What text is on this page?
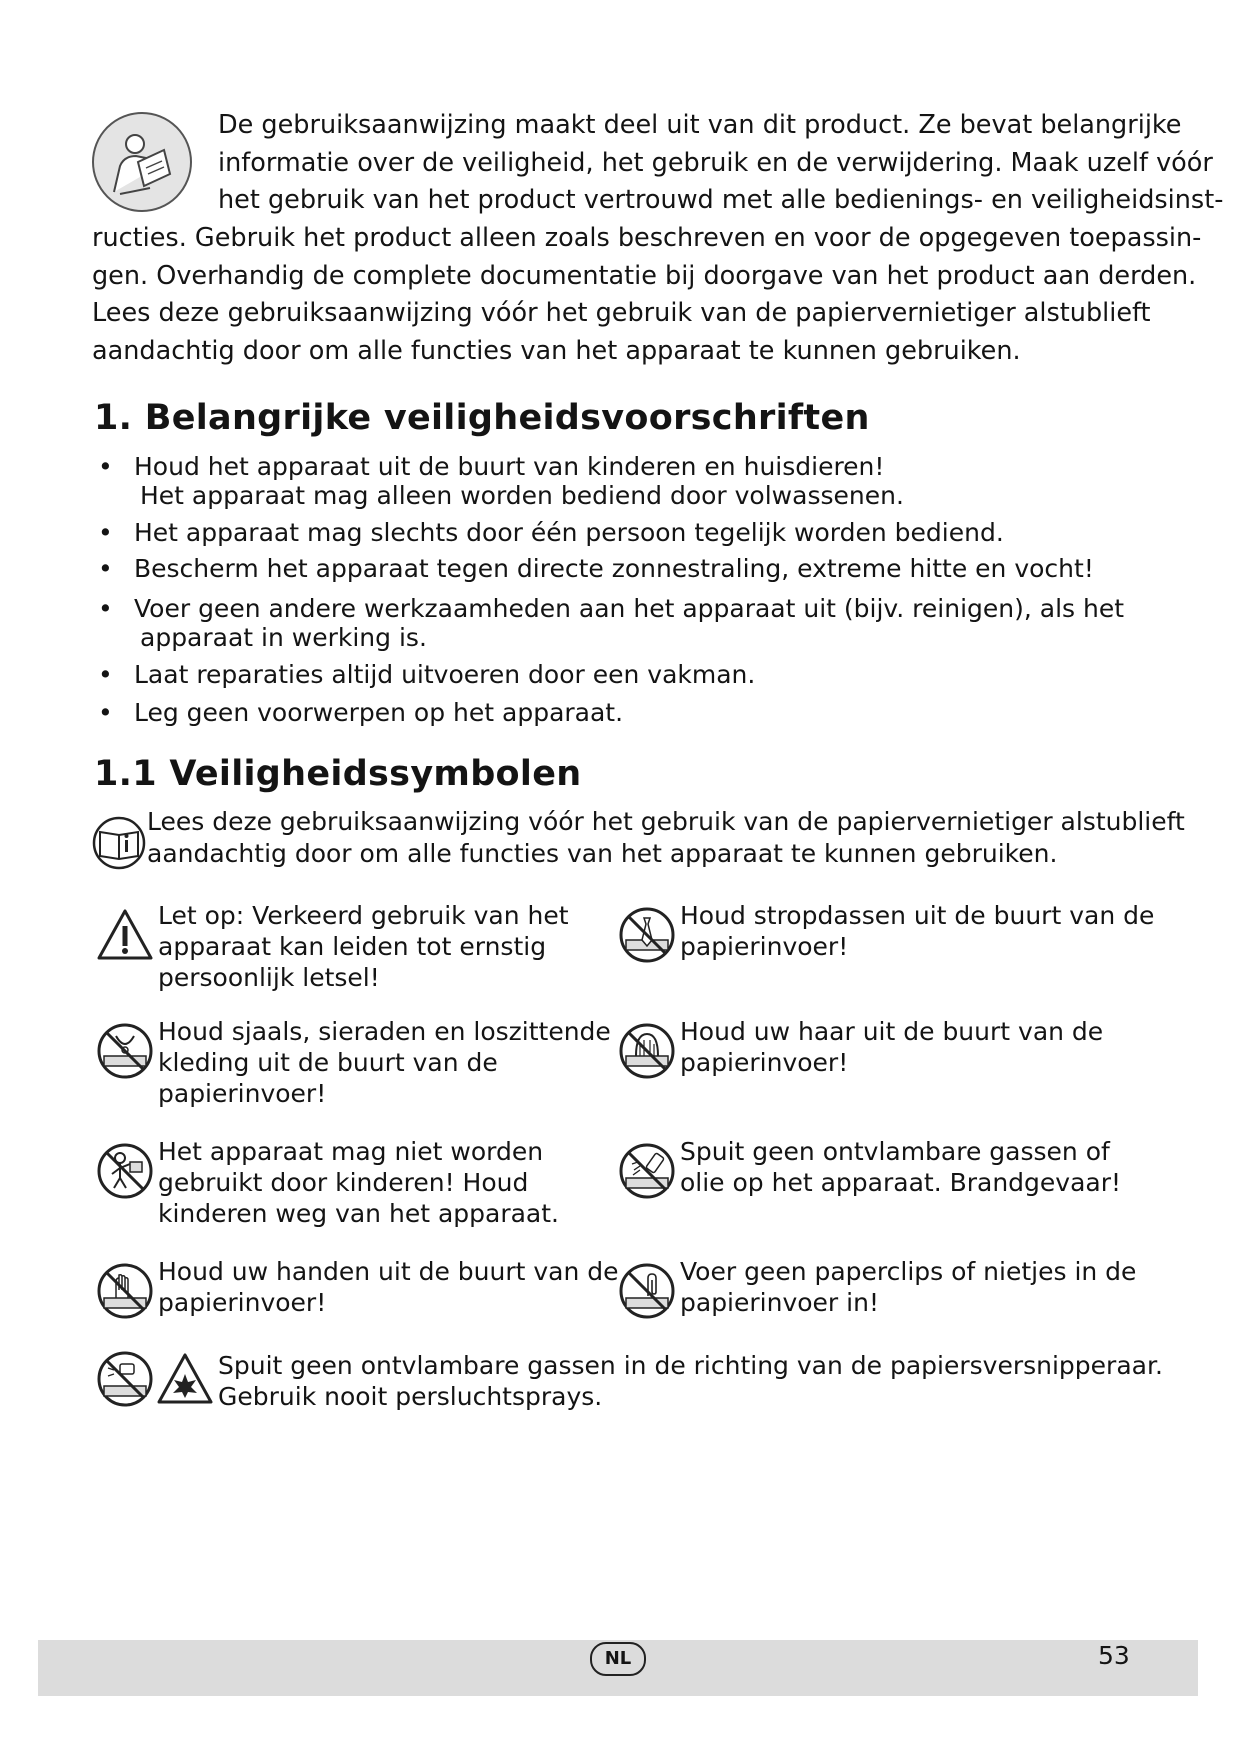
De gebruiksaanwijzing maakt deel uit van dit product. Ze bevat belangrijke
informatie over de veiligheid, het gebruik en de verwijdering. Maak uzelf vóór
het gebruik van het product vertrouwd met alle bedienings- en veiligheidsinst-
ructies. Gebruik het product alleen zoals beschreven en voor de opgegeven toepassin-
gen. Overhandig de complete documentatie bij doorgave van het product aan derden.
Lees deze gebruiksaanwijzing vóór het gebruik van de papiervernietiger alstublieft
aandachtig door om alle functies van het apparaat te kunnen gebruiken.
1. Belangrijke veiligheidsvoorschriften
• Houd het apparaat uit de buurt van kinderen en huisdieren!
Het apparaat mag alleen worden bediend door volwassenen.
• Het apparaat mag slechts door één persoon tegelijk worden bediend.
• Bescherm het apparaat tegen directe zonnestraling, extreme hitte en vocht!
• Voer geen andere werkzaamheden aan het apparaat uit (bijv. reinigen), als het
apparaat in werking is.
• Laat reparaties altijd uitvoeren door een vakman.
• Leg geen voorwerpen op het apparaat.
1.1 Veiligheidssymbolen
Lees deze gebruiksaanwijzing vóór het gebruik van de papiervernietiger alstublieft
aandachtig door om alle functies van het apparaat te kunnen gebruiken.
Let op: Verkeerd gebruik van het
apparaat kan leiden tot ernstig
persoonlijk letsel!
Houd stropdassen uit de buurt van de
papierinvoer!
Houd sjaals, sieraden en loszittende
kleding uit de buurt van de
papierinvoer!
Houd uw haar uit de buurt van de
papierinvoer!
Het apparaat mag niet worden
gebruikt door kinderen! Houd
kinderen weg van het apparaat.
Spuit geen ontvlambare gassen of
olie op het apparaat. Brandgevaar!
Houd uw handen uit de buurt van de
papierinvoer!
Voer geen paperclips of nietjes in de
papierinvoer in!
Spuit geen ontvlambare gassen in de richting van de papiersversnipperaar.
Gebruik nooit persluchtsprays.
NL	53
